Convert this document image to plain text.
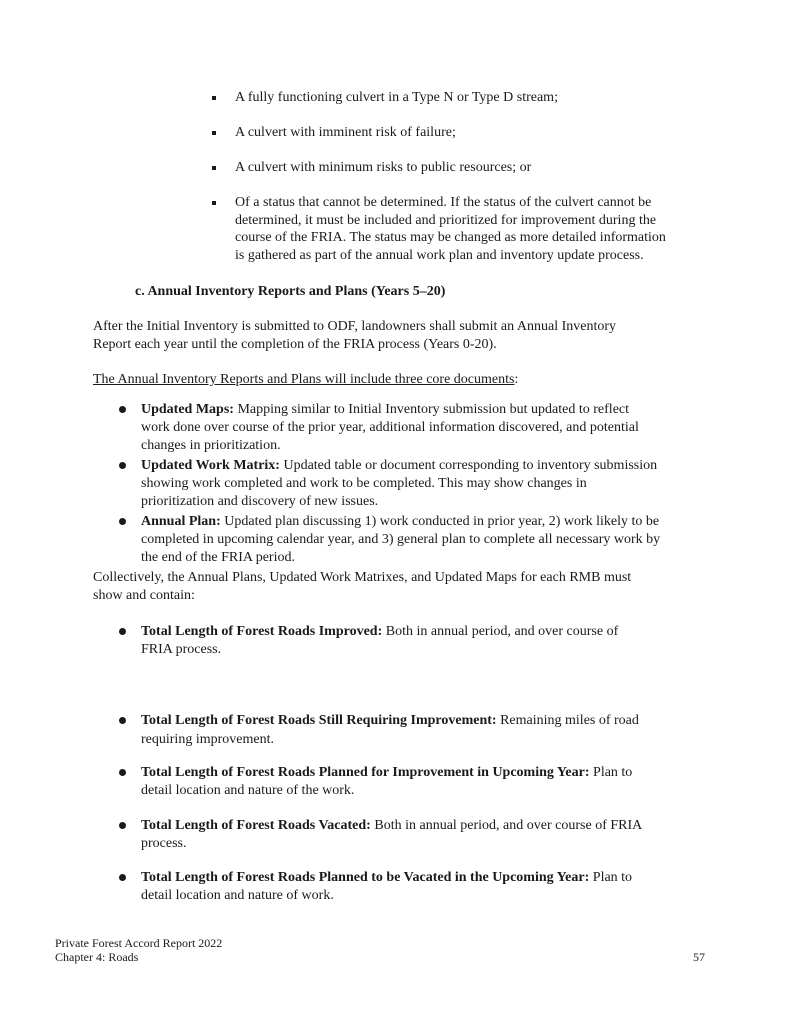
A fully functioning culvert in a Type N or Type D stream;
A culvert with imminent risk of failure;
A culvert with minimum risks to public resources; or
Of a status that cannot be determined. If the status of the culvert cannot be
determined, it must be included and prioritized for improvement during the
course of the FRIA. The status may be changed as more detailed information
is gathered as part of the annual work plan and inventory update process.
c. Annual Inventory Reports and Plans (Years 5–20)
After the Initial Inventory is submitted to ODF, landowners shall submit an Annual Inventory
Report each year until the completion of the FRIA process (Years 0-20).
The Annual Inventory Reports and Plans will include three core documents:
Updated Maps: Mapping similar to Initial Inventory submission but updated to reflect
work done over course of the prior year, additional information discovered, and potential
changes in prioritization.
Updated Work Matrix: Updated table or document corresponding to inventory submission
showing work completed and work to be completed. This may show changes in
prioritization and discovery of new issues.
Annual Plan: Updated plan discussing 1) work conducted in prior year, 2) work likely to be
completed in upcoming calendar year, and 3) general plan to complete all necessary work by
the end of the FRIA period.
Collectively, the Annual Plans, Updated Work Matrixes, and Updated Maps for each RMB must
show and contain:
Total Length of Forest Roads Improved: Both in annual period, and over course of
FRIA process.
Total Length of Forest Roads Still Requiring Improvement: Remaining miles of road
requiring improvement.
Total Length of Forest Roads Planned for Improvement in Upcoming Year: Plan to
detail location and nature of the work.
Total Length of Forest Roads Vacated: Both in annual period, and over course of FRIA
process.
Total Length of Forest Roads Planned to be Vacated in the Upcoming Year: Plan to
detail location and nature of work.
Private Forest Accord Report 2022
Chapter 4: Roads	57
